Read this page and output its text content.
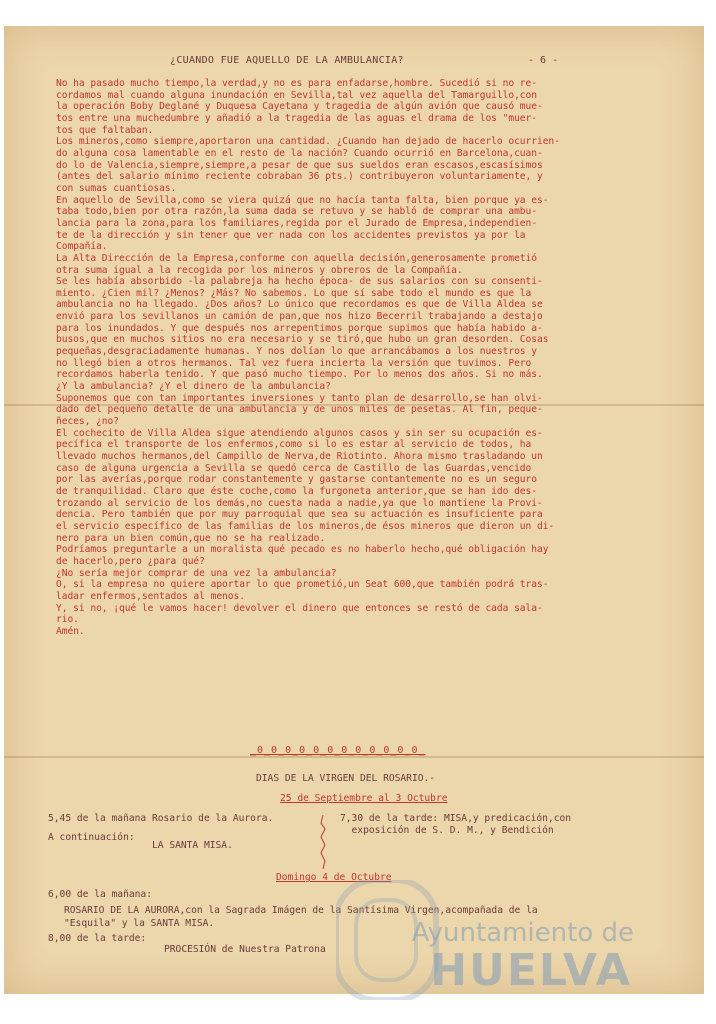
¿CUANDO FUE AQUELLO DE LA AMBULANCIA?	- 6 -
No ha pasado mucho tiempo,la verdad,y no es para enfadarse,hombre. Sucedió si no re-
cordamos mal cuando alguna inundación en Sevilla,tal vez aquella del Tamarguillo,con
la operación Boby Deglané y Duquesa Cayetana y tragedia de algún avión que causó mue-
tos entre una muchedumbre y añadió a la tragedia de las aguas el drama de los "muer-
tos que faltaban.
Los mineros,como siempre,aportaron una cantidad. ¿Cuando han dejado de hacerlo ocurrien-
do alguna cosa lamentable en el resto de la nación? Cuando ocurrió en Barcelona,cuan-
do lo de Valencia,siempre,siempre,a pesar de que sus sueldos eran escasos,escasísimos
(antes del salario mínimo reciente cobraban 36 pts.) contribuyeron voluntariamente, y
con sumas cuantiosas.
En aquello de Sevilla,como se viera quizá que no hacía tanta falta, bien porque ya es-
taba todo,bien por otra razón,la suma dada se retuvo y se habló de comprar una ambu-
lancia para la zona,para los familiares,regida por el Jurado de Empresa,independien-
te de la dirección y sin tener que ver nada con los accidentes previstos ya por la
Compañía.
La Alta Dirección de la Empresa,conforme con aquella decisión,generosamente prometió
otra suma igual a la recogida por los mineros y obreros de la Compañía.
Se les había absorbido -la palabreja ha hecho época- de sus salarios con su consenti-
miento. ¿Cien mil? ¿Menos? ¿Más? No sabemos. Lo que sí sabe todo el mundo es que la
ambulancia no ha llegado. ¿Dos años? Lo único que recordamos es que de Villa Aldea se
envió para los sevillanos un camión de pan,que nos hizo Becerril trabajando a destajo
para los inundados. Y que después nos arrepentimos porque supimos que había habido a-
busos,que en muchos sitios no era necesario y se tiró,que hubo un gran desorden. Cosas
pequeñas,desgraciadamente humanas. Y nos dolían lo que arrancábamos a los nuestros y
no llegó bien a otros hermanos. Tal vez fuera incierta la versión que tuvimos. Pero
recordamos haberla tenido. Y que pasó mucho tiempo. Por lo menos dos años. Si no más.
¿Y la ambulancia? ¿Y el dinero de la ambulancia?
Suponemos que con tan importantes inversiones y tanto plan de desarrollo,se han olvi-
dado del pequeño detalle de una ambulancia y de unos miles de pesetas. Al fin, peque-
ñeces, ¿no?
El cochecito de Villa Aldea sigue atendiendo algunos casos y sin ser su ocupación es-
pecífica el transporte de los enfermos,como si lo es estar al servicio de todos, ha
llevado muchos hermanos,del Campillo de Nerva,de Riotinto. Ahora mismo trasladando un
caso de alguna urgencia a Sevilla se quedó cerca de Castillo de las Guardas,vencido
por las averías,porque rodar constantemente y gastarse contantemente no es un seguro
de tranquilidad. Claro que éste coche,como la furgoneta anterior,que se han ido des-
trozando al servicio de los demás,no cuesta nada a nadie,ya que lo mantiene la Provi-
dencia. Pero también que por muy parroquial que sea su actuación es insuficiente para
el servicio específico de las familias de los mineros,de ésos mineros que dieron un di-
nero para un bien común,que no se ha realizado.
Podríamos preguntarle a un moralista qué pecado es no haberlo hecho,qué obligación hay
de hacerlo,pero ¿para qué?
¿No sería mejor comprar de una vez la ambulancia?
O, si la empresa no quiere aportar lo que prometió,un Seat 600,que también podrá tras-
ladar enfermos,sentados al menos.
Y, si no, ¡qué le vamos hacer! devolver el dinero que entonces se restó de cada sala-
rio.
Amén.
_0_0_0_0_0_0_0_0_0_0_0_0_
DIAS DE LA VIRGEN DEL ROSARIO.-
25 de Septiembre al 3 Octubre
5,45 de la mañana Rosario de la Aurora.	7,30 de la tarde: MISA,y predicación,con
exposición de S. D. M., y Bendición
A continuación:
LA SANTA MISA.
Domingo 4 de Octubre
6,00 de la mañana:
ROSARIO DE LA AURORA,con la Sagrada Imágen de la Santísima Virgen,acompañada de la
"Esquila" y la SANTA MISA.
8,00 de la tarde:
PROCESIÓN de Nuestra Patrona
Ayuntamiento de
HUELVA
